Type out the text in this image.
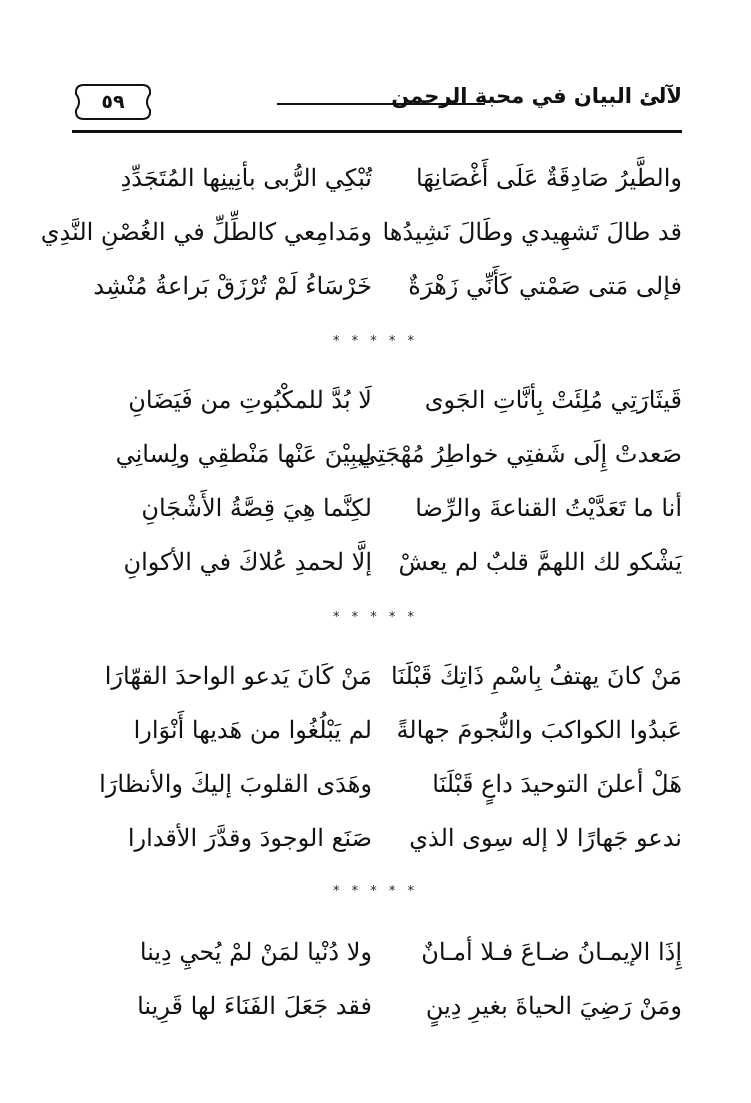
٥٩	لآلئ البيان في محبة الرحمن
والطَّيرُ صَادِقَةٌ عَلَى أَغْصَانِهَا
تُبْكِي الرُّبى بأنِينِها المُتَجَدِّدِ
قد طالَ تَشهِيدي وطَالَ نَشِيدُها
ومَدامِعي كالطِّلِّ في الغُصْنِ النَّدِي
فإلى مَتى صَمْتي كَأَنِّي زَهْرَةٌ
خَرْسَاءُ لَمْ تُرْزَقْ بَراعةُ مُنْشِد
* * * * *
قَيثَارَتِي مُلِئَتْ بِأنَّاتِ الجَوى
لَا بُدَّ للمكْبُوتِ من فَيَضَانِ
صَعدتْ إِلَى شَفتِي خواطِرُ مُهْجَتِي
ليبِيْنَ عَنْها مَنْطقِي ولِسانِي
أنا ما تَعَدَّيْتُ القناعةَ والرِّضا
لكِنَّما هِيَ قِصَّةُ الأَشْجَانِ
يَشْكو لك اللهمَّ قلبٌ لم يعشْ
إلَّا لحمدِ عُلاكَ في الأكوانِ
* * * * *
مَنْ كانَ يهتفُ بِاسْمِ ذَاتِكَ قَبْلَنَا
مَنْ كَانَ يَدعو الواحدَ القهّارَا
عَبدُوا الكواكبَ والنُّجومَ جهالةً
لم يَبْلُغُوا من هَديها أَنْوَارا
هَلْ أعلنَ التوحيدَ داعٍ قَبْلَنَا
وهَدَى القلوبَ إليكَ والأنظارَا
ندعو جَهارًا لا إله سِوى الذي
صَنَع الوجودَ وقدَّرَ الأقدارا
* * * * *
إِذَا الإيمـانُ ضـاعَ فـلا أمـانٌ
ولا دُنْيا لمَنْ لمْ يُحيِ دِينا
ومَنْ رَضِيَ الحياةَ بغيرِ دِينٍ
فقد جَعَلَ الفَنَاءَ لها قَرِينا
